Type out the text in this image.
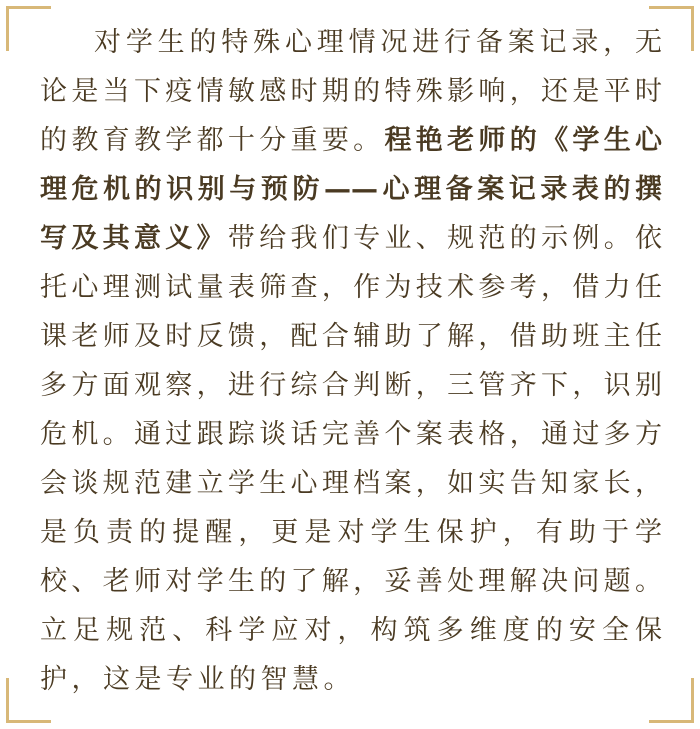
对学生的特殊心理情况进行备案记录，无
论是当下疫情敏感时期的特殊影响，还是平时
的教育教学都十分重要。程艳老师的《学生心
理危机的识别与预防——心理备案记录表的撰
写及其意义》带给我们专业、规范的示例。依
托心理测试量表筛查，作为技术参考，借力任
课老师及时反馈，配合辅助了解，借助班主任
多方面观察，进行综合判断，三管齐下，识别
危机。通过跟踪谈话完善个案表格，通过多方
会谈规范建立学生心理档案，如实告知家长，
是负责的提醒，更是对学生保护，有助于学
校、老师对学生的了解，妥善处理解决问题。
立足规范、科学应对，构筑多维度的安全保
护，这是专业的智慧。
